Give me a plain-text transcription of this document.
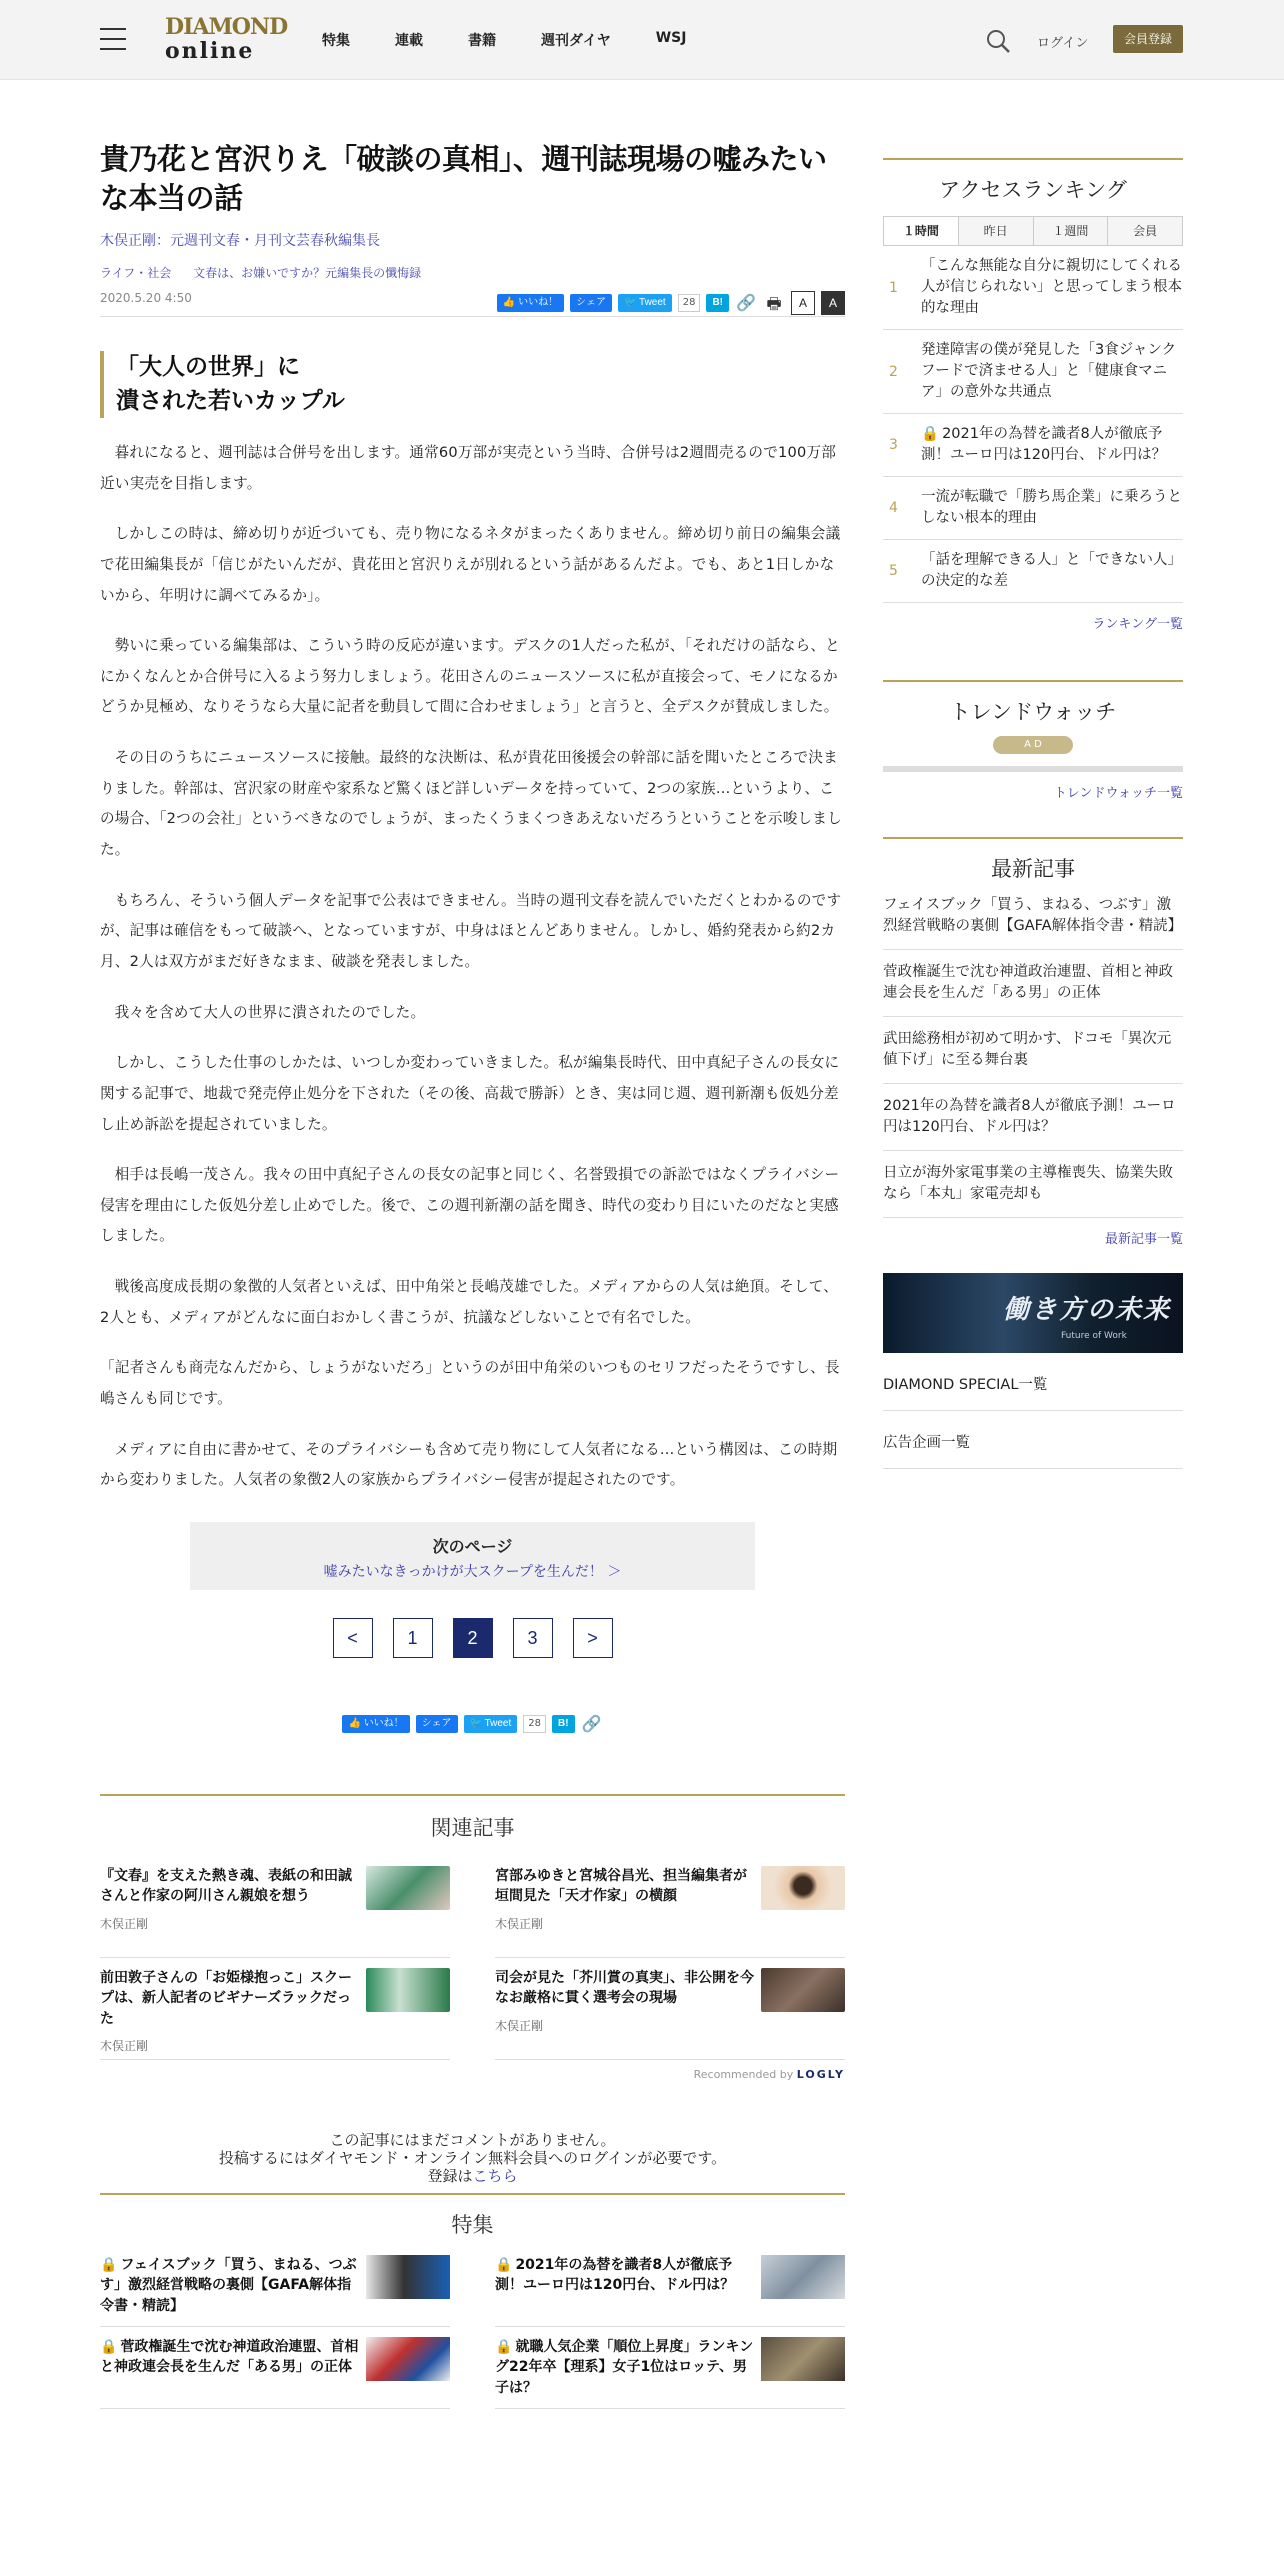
DIAMOND
online	特集	連載	書籍	週刊ダイヤ	WSJ	ログイン	会員登録
貴乃花と宮沢りえ「破談の真相」、週刊誌現場の嘘みたいな本当の話
木俣正剛：元週刊文春・月刊文芸春秋編集長
ライフ・社会 文春は、お嫌いですか？元編集長の懺悔録
2020.5.20 4:50	👍 いいね！	シェア	🐦 Tweet	28	B! 🔗 🖶	A	A
「大人の世界」に
潰された若いカップル

暮れになると、週刊誌は合併号を出します。通常60万部が実売という当時、合併号は2週間売るので100万部近い実売を目指します。

しかしこの時は、締め切りが近づいても、売り物になるネタがまったくありません。締め切り前日の編集会議で花田編集長が「信じがたいんだが、貴花田と宮沢りえが別れるという話があるんだよ。でも、あと1日しかないから、年明けに調べてみるか」。

勢いに乗っている編集部は、こういう時の反応が違います。デスクの1人だった私が、「それだけの話なら、とにかくなんとか合併号に入るよう努力しましょう。花田さんのニュースソースに私が直接会って、モノになるかどうか見極め、なりそうなら大量に記者を動員して間に合わせましょう」と言うと、全デスクが賛成しました。

その日のうちにニュースソースに接触。最終的な決断は、私が貴花田後援会の幹部に話を聞いたところで決まりました。幹部は、宮沢家の財産や家系など驚くほど詳しいデータを持っていて、2つの家族…というより、この場合、「2つの会社」というべきなのでしょうが、まったくうまくつきあえないだろうということを示唆しました。

もちろん、そういう個人データを記事で公表はできません。当時の週刊文春を読んでいただくとわかるのですが、記事は確信をもって破談へ、となっていますが、中身はほとんどありません。しかし、婚約発表から約2カ月、2人は双方がまだ好きなまま、破談を発表しました。

我々を含めて大人の世界に潰されたのでした。

しかし、こうした仕事のしかたは、いつしか変わっていきました。私が編集長時代、田中真紀子さんの長女に関する記事で、地裁で発売停止処分を下された（その後、高裁で勝訴）とき、実は同じ週、週刊新潮も仮処分差し止め訴訟を提起されていました。

相手は長嶋一茂さん。我々の田中真紀子さんの長女の記事と同じく、名誉毀損での訴訟ではなくプライバシー侵害を理由にした仮処分差し止めでした。後で、この週刊新潮の話を聞き、時代の変わり目にいたのだなと実感しました。

戦後高度成長期の象徴的人気者といえば、田中角栄と長嶋茂雄でした。メディアからの人気は絶頂。そして、2人とも、メディアがどんなに面白おかしく書こうが、抗議などしないことで有名でした。

「記者さんも商売なんだから、しょうがないだろ」というのが田中角栄のいつものセリフだったそうですし、長嶋さんも同じです。

メディアに自由に書かせて、そのプライバシーも含めて売り物にして人気者になる…という構図は、この時期から変わりました。人気者の象徴2人の家族からプライバシー侵害が提起されたのです。

次のページ
嘘みたいなきっかけが大スクープを生んだ！ ＞
<	1	2	3	>
👍 いいね！	シェア	🐦 Tweet	28	B! 🔗
関連記事
『文春』を支えた熱き魂、表紙の和田誠さんと作家の阿川さん親娘を想う
木俣正剛
宮部みゆきと宮城谷昌光、担当編集者が垣間見た「天才作家」の横顔
木俣正剛
前田敦子さんの「お姫様抱っこ」スクープは、新人記者のビギナーズラックだった
木俣正剛
司会が見た「芥川賞の真実」、非公開を今なお厳格に貫く選考会の現場
木俣正剛
Recommended by LOGLY
この記事にはまだコメントがありません。
投稿するにはダイヤモンド・オンライン無料会員へのログインが必要です。
登録はこちら
特集
🔒 フェイスブック「買う、まねる、つぶす」激烈経営戦略の裏側【GAFA解体指令書・精読】
🔒 2021年の為替を識者8人が徹底予測！ユーロ円は120円台、ドル円は？
🔒 菅政権誕生で沈む神道政治連盟、首相と神政連会長を生んだ「ある男」の正体
🔒 就職人気企業「順位上昇度」ランキング22年卒【理系】女子1位はロッテ、男子は？
アクセスランキング
１時間	昨日	１週間	会員
1
「こんな無能な自分に親切にしてくれる人が信じられない」と思ってしまう根本的な理由
2
発達障害の僕が発見した「3食ジャンクフードで済ませる人」と「健康食マニア」の意外な共通点
3
🔒 2021年の為替を識者8人が徹底予測！ユーロ円は120円台、ドル円は？
4
一流が転職で「勝ち馬企業」に乗ろうとしない根本的理由
5
「話を理解できる人」と「できない人」の決定的な差
ランキング一覧
トレンドウォッチ
A D
トレンドウォッチ一覧
最新記事
フェイスブック「買う、まねる、つぶす」激烈経営戦略の裏側【GAFA解体指令書・精読】
菅政権誕生で沈む神道政治連盟、首相と神政連会長を生んだ「ある男」の正体
武田総務相が初めて明かす、ドコモ「異次元値下げ」に至る舞台裏
2021年の為替を識者8人が徹底予測！ユーロ円は120円台、ドル円は？
日立が海外家電事業の主導権喪失、協業失敗なら「本丸」家電売却も
最新記事一覧
働き方の未来
Future of Work
DIAMOND SPECIAL一覧
広告企画一覧
